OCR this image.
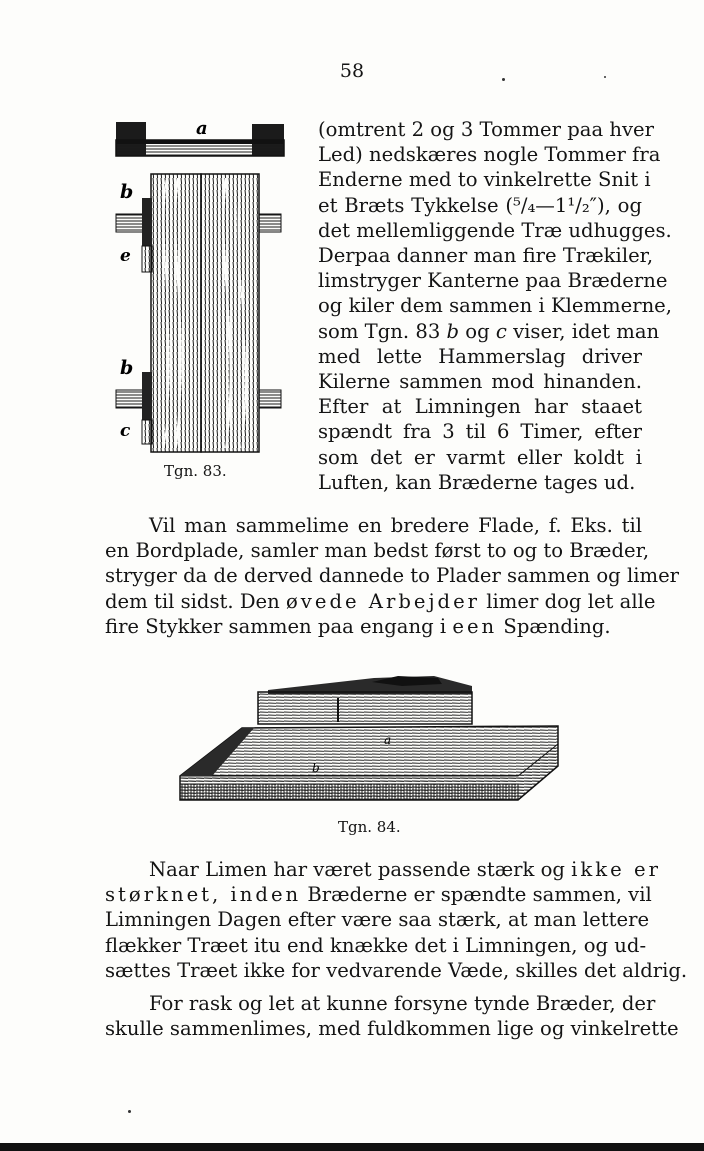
58
a
b
e
b
c
Tgn. 83.
(omtrent 2 og 3 Tommer paa hver
Led) nedskæres nogle Tommer fra
Enderne med to vinkelrette Snit i
et Bræts Tykkelse (⁵/₄—1¹/₂″), og
det mellemliggende Træ udhugges.
Derpaa danner man fire Trækiler,
limstryger Kanterne paa Bræderne
og kiler dem sammen i Klemmerne,
som Tgn. 83 b og c viser, idet man
med lette Hammerslag driver
Kilerne sammen mod hinanden.
Efter at Limningen har staaet
spændt fra 3 til 6 Timer, efter
som det er varmt eller koldt i
Luften, kan Bræderne tages ud.
Vil man sammelime en bredere Flade, f. Eks. til
en Bordplade, samler man bedst først to og to Bræder,
stryger da de derved dannede to Plader sammen og limer
dem til sidst. Den øvede Arbejder limer dog let alle
fire Stykker sammen paa engang i een Spænding.
a
b
Tgn. 84.
Naar Limen har været passende stærk og ikke er
størknet, inden Bræderne er spændte sammen, vil
Limningen Dagen efter være saa stærk, at man lettere
flækker Træet itu end knække det i Limningen, og ud-
sættes Træet ikke for vedvarende Væde, skilles det aldrig.
For rask og let at kunne forsyne tynde Bræder, der
skulle sammenlimes, med fuldkommen lige og vinkelrette
